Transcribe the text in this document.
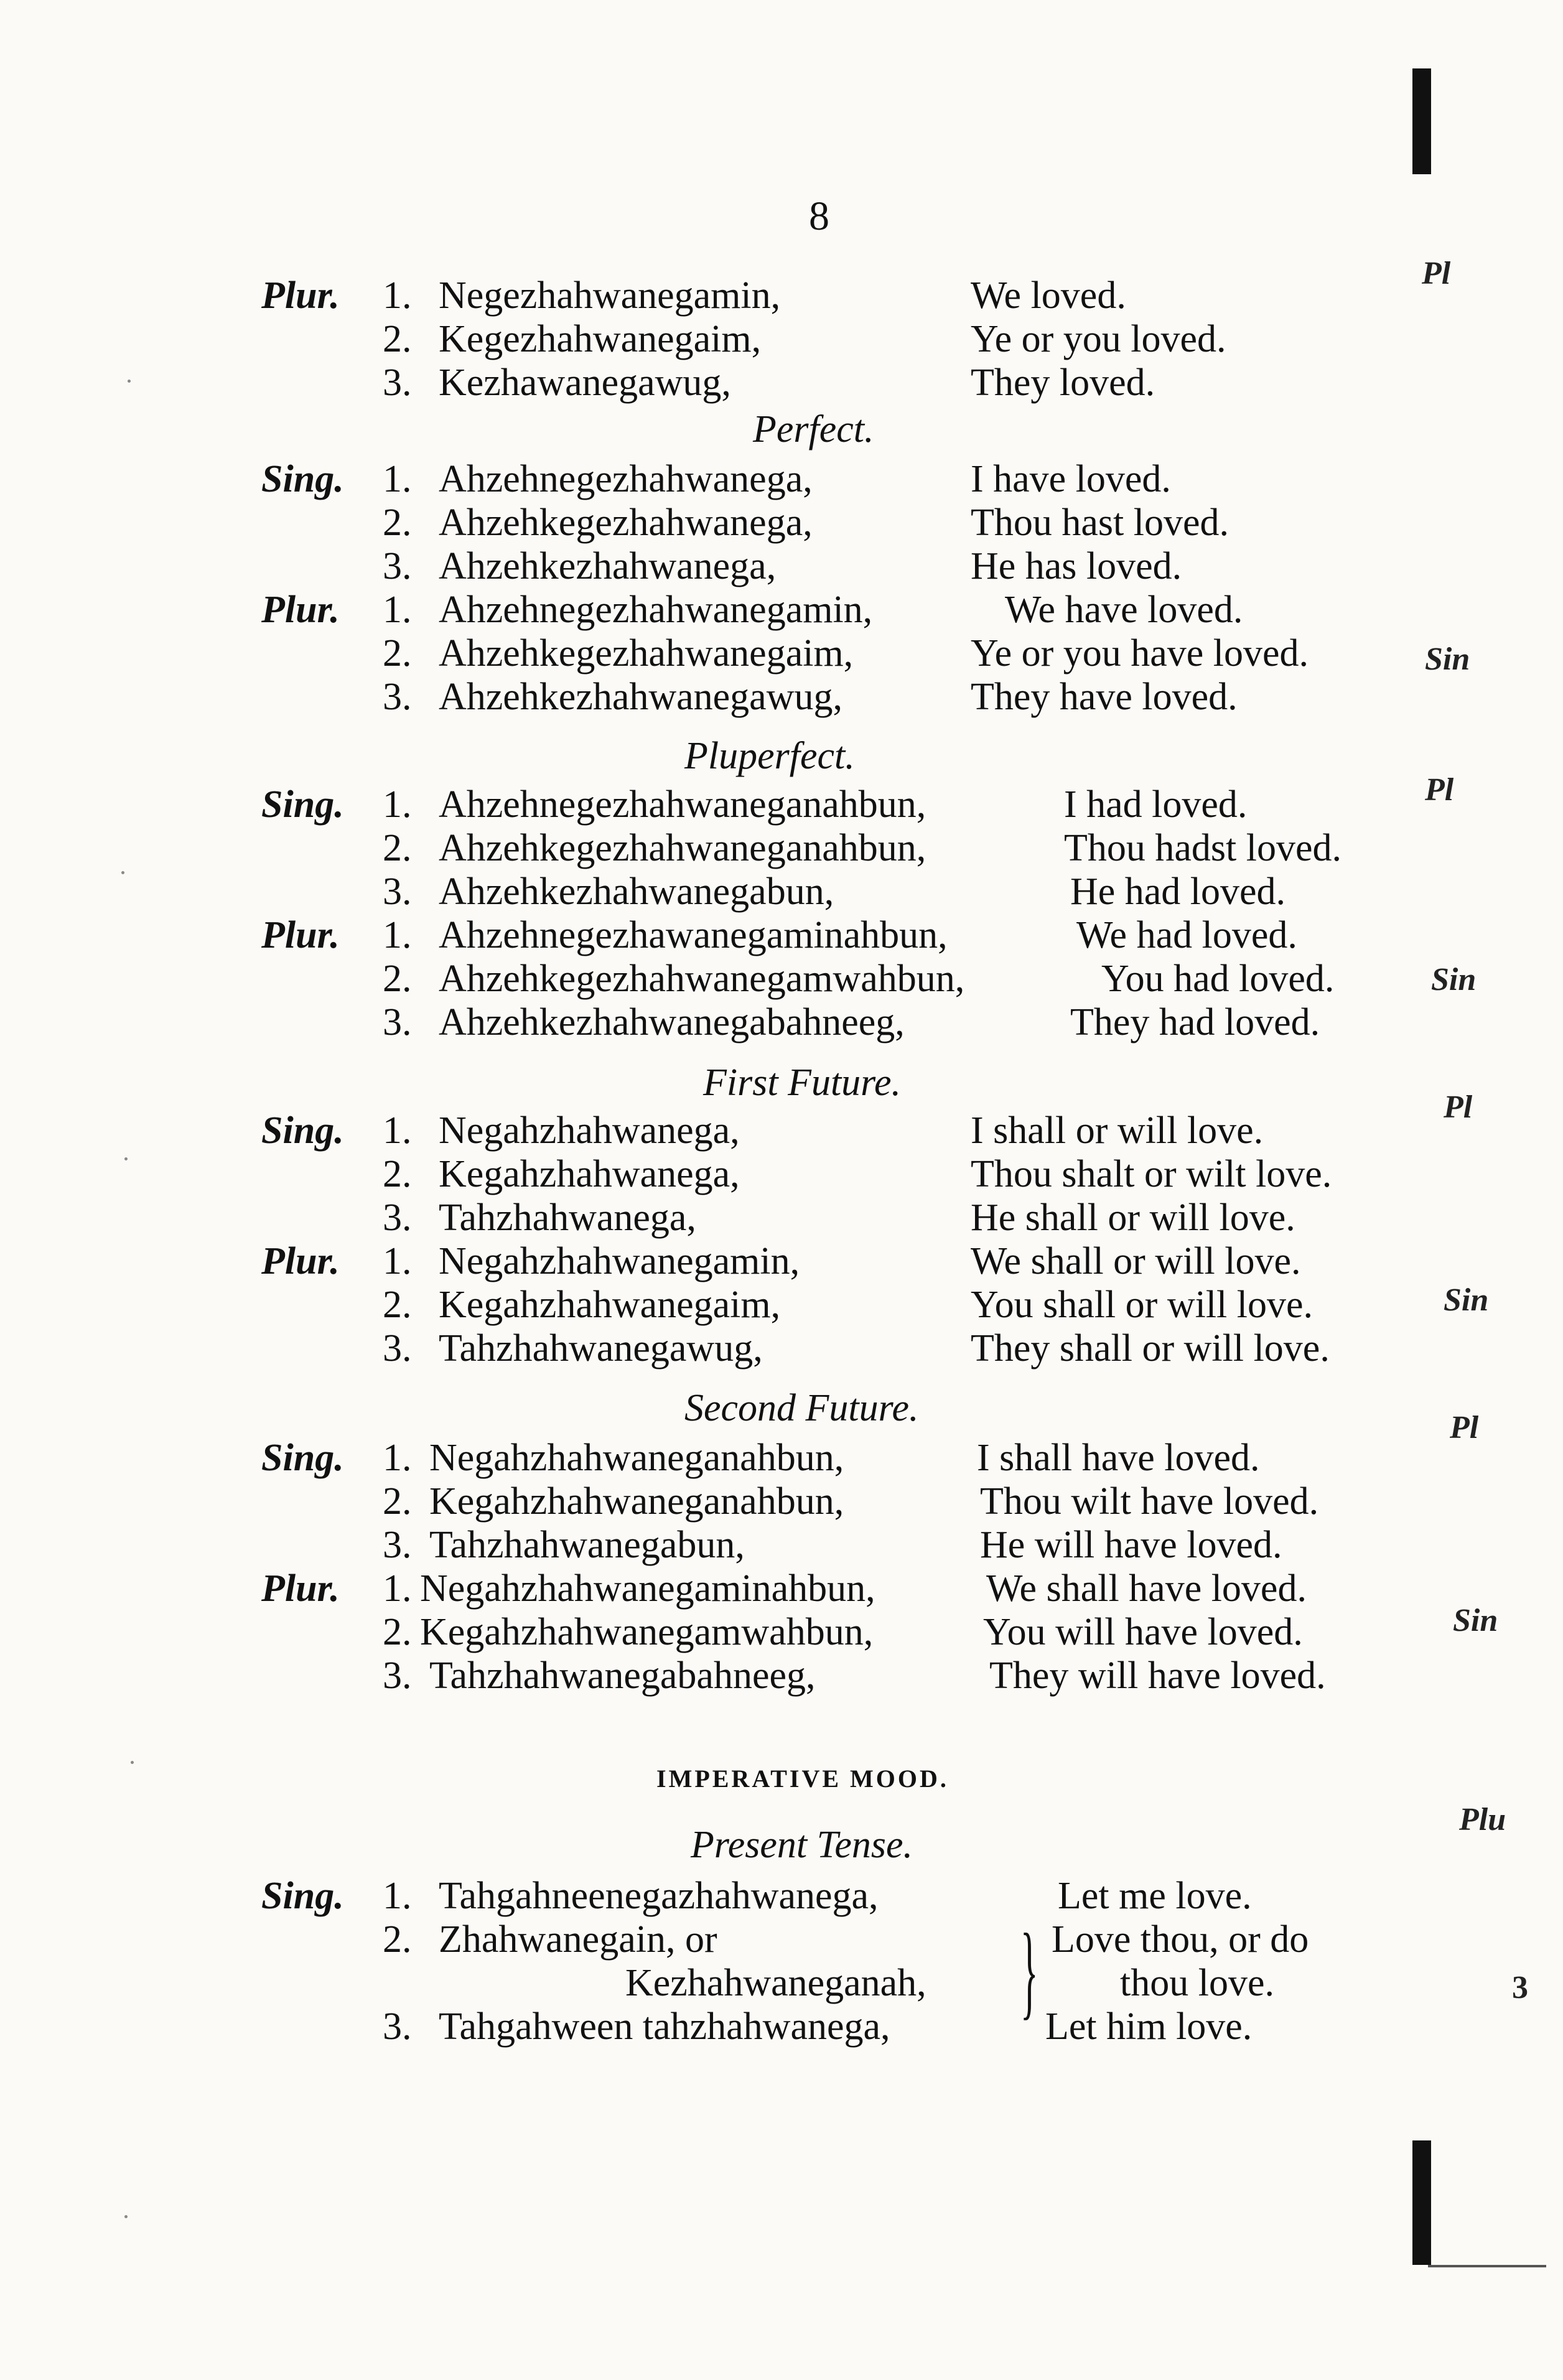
8
Plur. 1. Negezhahwanegamin,	We loved.
2. Kegezhahwanegaim,	Ye or you loved.
3. Kezhawanegawug,	They loved.
Perfect.
Sing. 1. Ahzehnegezhahwanega,	I have loved.
2. Ahzehkegezhahwanega,	Thou hast loved.
3. Ahzehkezhahwanega,	He has loved.
Plur. 1. Ahzehnegezhahwanegamin,	We have loved.
2. Ahzehkegezhahwanegaim,	Ye or you have loved.
3. Ahzehkezhahwanegawug,	They have loved.
Pluperfect.
Sing. 1. Ahzehnegezhahwaneganahbun,	I had loved.
2. Ahzehkegezhahwaneganahbun,	Thou hadst loved.
3. Ahzehkezhahwanegabun,	He had loved.
Plur. 1. Ahzehnegezhawanegaminahbun,	We had loved.
2. Ahzehkegezhahwanegamwahbun,	You had loved.
3. Ahzehkezhahwanegabahneeg,	They had loved.
First Future.
Sing. 1. Negahzhahwanega,	I shall or will love.
2. Kegahzhahwanega,	Thou shalt or wilt love.
3. Tahzhahwanega,	He shall or will love.
Plur. 1. Negahzhahwanegamin,	We shall or will love.
2. Kegahzhahwanegaim,	You shall or will love.
3. Tahzhahwanegawug,	They shall or will love.
Second Future.
Sing. 1. Negahzhahwaneganahbun,	I shall have loved.
2. Kegahzhahwaneganahbun,	Thou wilt have loved.
3. Tahzhahwanegabun,	He will have loved.
Plur. 1. Negahzhahwanegaminahbun,	We shall have loved.
2. Kegahzhahwanegamwahbun,	You will have loved.
3. Tahzhahwanegabahneeg,	They will have loved.
IMPERATIVE MOOD.
Present Tense.
Sing. 1. Tahgahneenegazhahwanega,	Let me love.
2. Zhahwanegain, or	Love thou, or do
Kezhahwaneganah,	thou love.
3. Tahgahween tahzhahwanega,	Let him love.
}
Pl
Sin
Pl
Sin
Pl
Sin
Pl
Sin
Plu
3
